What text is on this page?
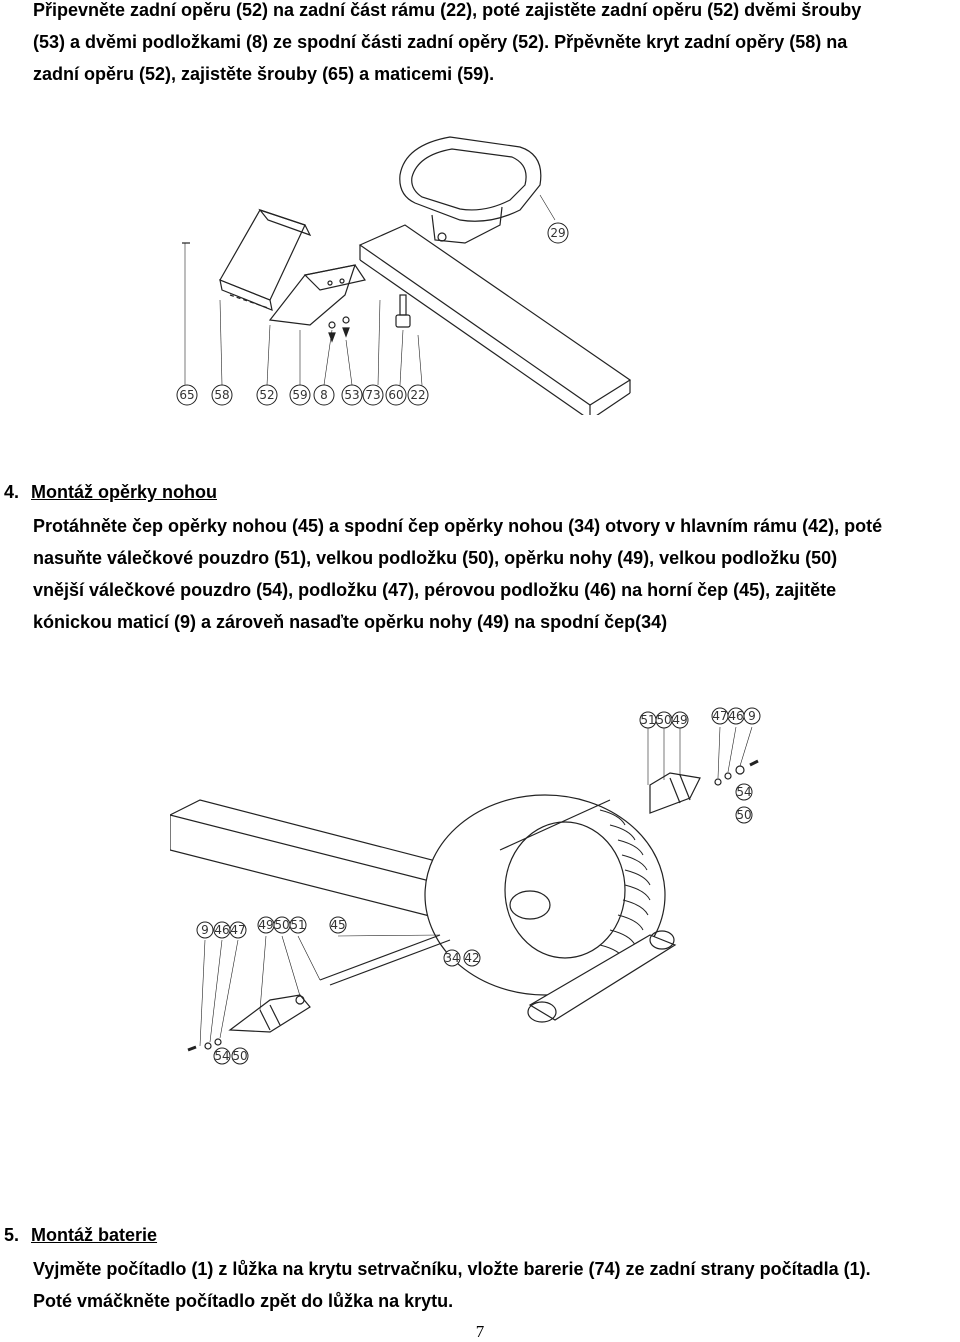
Připevněte zadní opěru (52) na zadní část rámu (22), poté zajistěte zadní opěru (52) dvěmi šrouby
(53) a dvěmi podložkami (8) ze spodní části zadní opěry (52). Přpěvněte kryt zadní opěry (58) na
zadní opěru (52), zajistěte šrouby (65) a maticemi (59).
65 58 52 59 8 53 73 60 22
29
4. Montáž opěrky nohou
Protáhněte čep opěrky nohou (45) a spodní čep opěrky nohou (34) otvory v hlavním rámu (42), poté
nasuňte válečkové pouzdro (51), velkou podložku (50), opěrku nohy (49), velkou podložku (50)
vnější válečkové pouzdro (54), podložku (47), pérovou podložku (46) na horní čep (45), zajitěte
kónickou maticí (9) a zároveň nasaďte opěrku nohy (49) na spodní čep(34)
51 50 49 47 46 9
54
50
9 46 47 49 50 51 45
34 42
54 50
5. Montáž baterie
Vyjměte počítadlo (1) z lůžka na krytu setrvačníku, vložte barerie (74) ze zadní strany počítadla (1).
Poté vmáčkněte počítadlo zpět do lůžka na krytu.
7
